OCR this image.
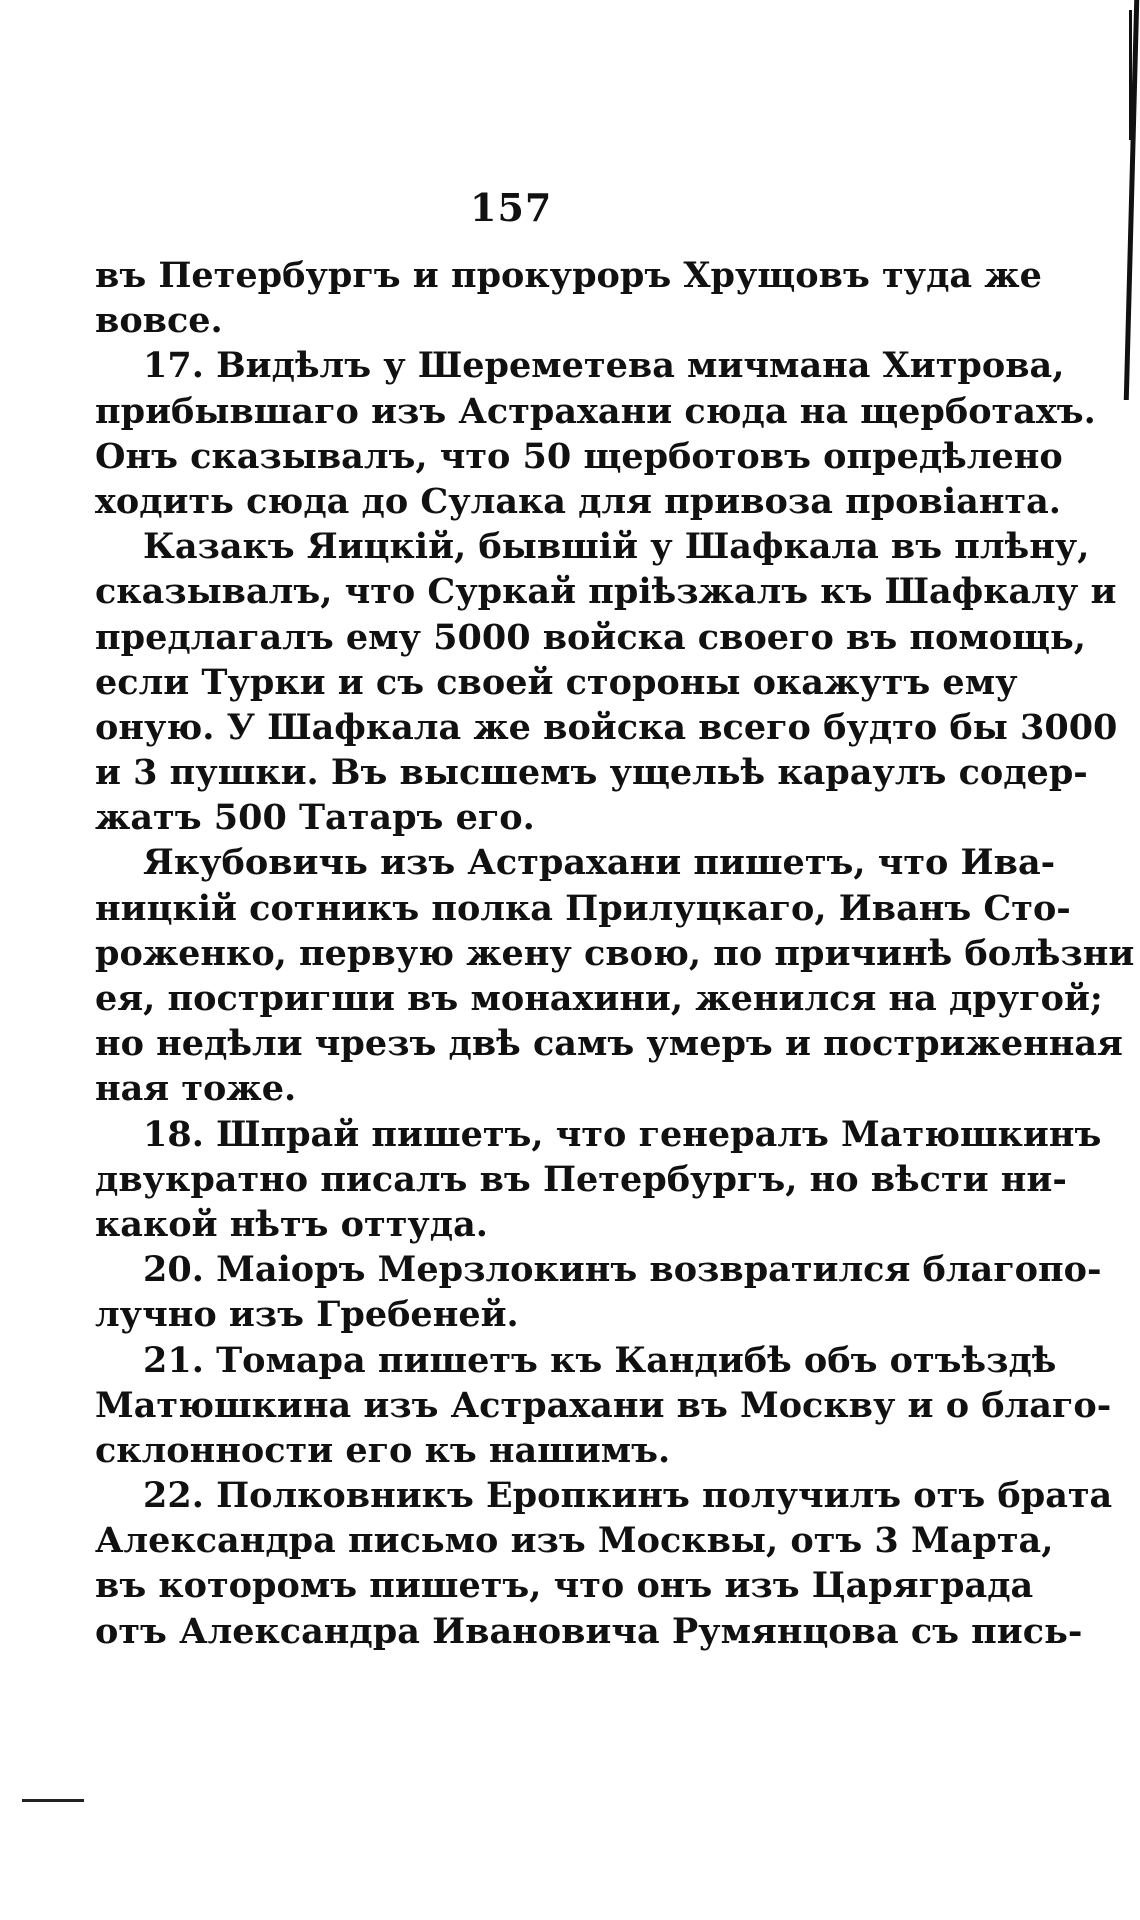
157
въ Петербургъ и прокуроръ Хрущовъ туда же
вовсе.
17. Видѣлъ у Шереметева мичмана Хитрова,
прибывшаго изъ Астрахани сюда на щерботахъ.
Онъ сказывалъ, что 50 щерботовъ опредѣлено
ходить сюда до Сулака для привоза провіанта.
Казакъ Яицкій, бывшій у Шафкала въ плѣну,
сказывалъ, что Суркай пріѣзжалъ къ Шафкалу и
предлагалъ ему 5000 войска своего въ помощь,
если Турки и съ своей стороны окажутъ ему
оную. У Шафкала же войска всего будто бы 3000
и 3 пушки. Въ высшемъ ущельѣ караулъ содер-
жатъ 500 Татаръ его.
Якубовичь изъ Астрахани пишетъ, что Ива-
ницкій сотникъ полка Прилуцкаго, Иванъ Сто-
роженко, первую жену свою, по причинѣ болѣзни
ея, постригши въ монахини, женился на другой;
но недѣли чрезъ двѣ самъ умеръ и постриженная
ная тоже.
18. Шпрай пишетъ, что генералъ Матюшкинъ
двукратно писалъ въ Петербургъ, но вѣсти ни-
какой нѣтъ оттуда.
20. Маіоръ Мерзлокинъ возвратился благопо-
лучно изъ Гребеней.
21. Томара пишетъ къ Кандибѣ объ отъѣздѣ
Матюшкина изъ Астрахани въ Москву и о благо-
склонности его къ нашимъ.
22. Полковникъ Еропкинъ получилъ отъ брата
Александра письмо изъ Москвы, отъ 3 Марта,
въ которомъ пишетъ, что онъ изъ Царяграда
отъ Александра Ивановича Румянцова съ пись-
